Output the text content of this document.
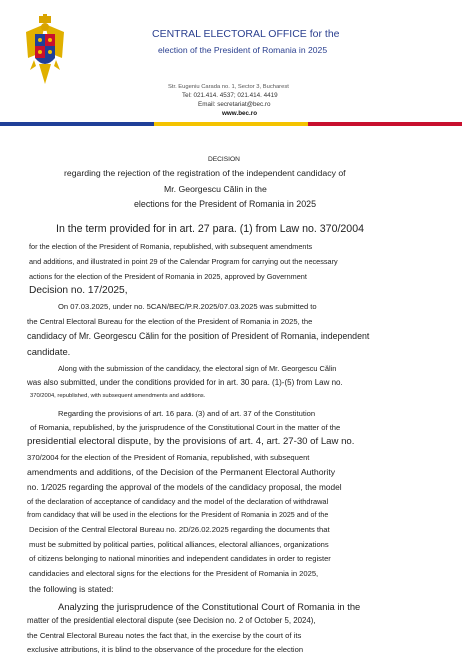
CENTRAL ELECTORAL OFFICE for the
election of the President of Romania in 2025
Str. Eugeniu Carada no. 1, Sector 3, Bucharest
Tel: 021.414. 4537; 021.414. 4419
Email: secretariat@bec.ro
www.bec.ro
DECISION
regarding the rejection of the registration of the independent candidacy of
Mr. Georgescu Călin in the
elections for the President of Romania in 2025
In the term provided for in art. 27 para. (1) from Law no. 370/2004
for the election of the President of Romania, republished, with subsequent amendments
and additions, and illustrated in point 29 of the Calendar Program for carrying out the necessary
actions for the election of the President of Romania in 2025, approved by Government
Decision no. 17/2025,
On 07.03.2025, under no. 5CAN/BEC/P.R.2025/07.03.2025 was submitted to
the Central Electoral Bureau for the election of the President of Romania in 2025, the
candidacy of Mr. Georgescu Călin for the position of President of Romania, independent
candidate.
Along with the submission of the candidacy, the electoral sign of Mr. Georgescu Călin
was also submitted, under the conditions provided for in art. 30 para. (1)-(5) from Law no.
370/2004, republished, with subsequent amendments and additions.
Regarding the provisions of art. 16 para. (3) and of art. 37 of the Constitution
of Romania, republished, by the jurisprudence of the Constitutional Court in the matter of the
presidential electoral dispute, by the provisions of art. 4, art. 27-30 of Law no.
370/2004 for the election of the President of Romania, republished, with subsequent
amendments and additions, of the Decision of the Permanent Electoral Authority
no. 1/2025 regarding the approval of the models of the candidacy proposal, the model
of the declaration of acceptance of candidacy and the model of the declaration of withdrawal
from candidacy that will be used in the elections for the President of Romania in 2025 and of the
Decision of the Central Electoral Bureau no. 2D/26.02.2025 regarding the documents that
must be submitted by political parties, political alliances, electoral alliances, organizations
of citizens belonging to national minorities and independent candidates in order to register
candidacies and electoral signs for the elections for the President of Romania in 2025,
the following is stated:
Analyzing the jurisprudence of the Constitutional Court of Romania in the
matter of the presidential electoral dispute (see Decision no. 2 of October 5, 2024),
the Central Electoral Bureau notes the fact that, in the exercise by the court of its
exclusive attributions, it is blind to the observance of the procedure for the election
